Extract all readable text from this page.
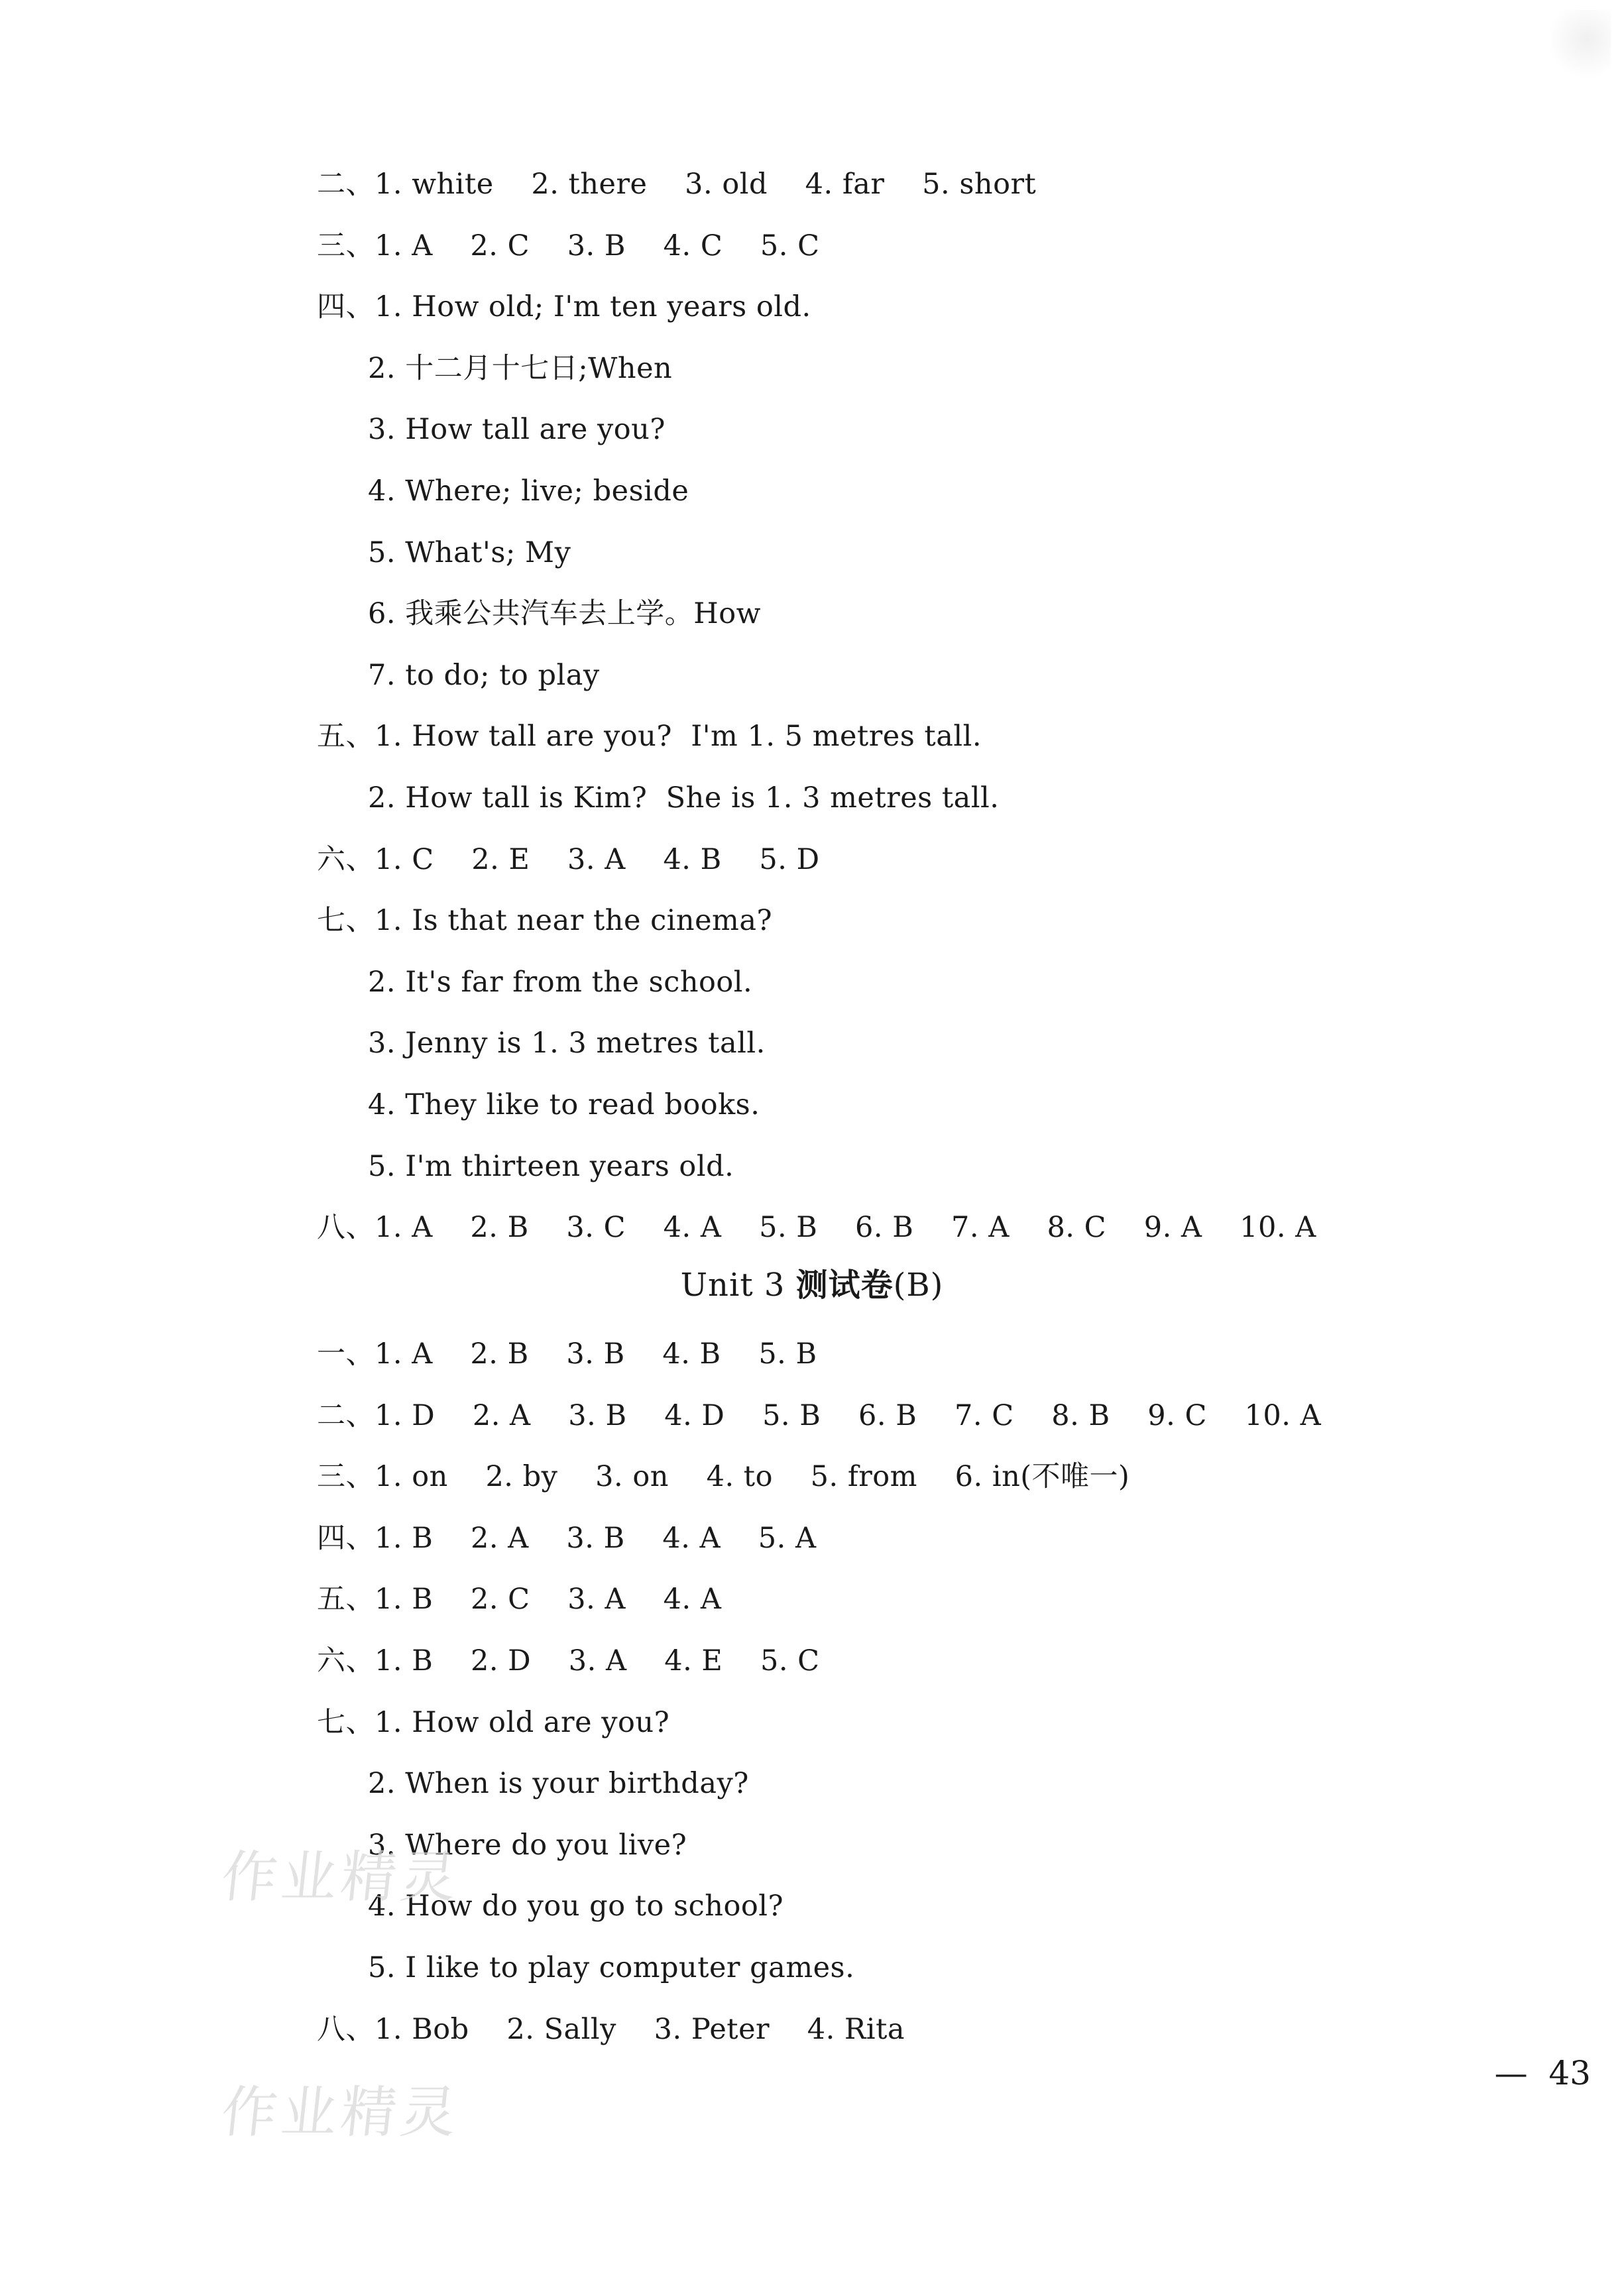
二、1. white    2. there    3. old    4. far    5. short
三、1. A    2. C    3. B    4. C    5. C
四、1. How old; I'm ten years old.
2. 十二月十七日;When
3. How tall are you?
4. Where; live; beside
5. What's; My
6. 我乘公共汽车去上学。How
7. to do; to play
五、1. How tall are you?  I'm 1. 5 metres tall.
2. How tall is Kim?  She is 1. 3 metres tall.
六、1. C    2. E    3. A    4. B    5. D
七、1. Is that near the cinema?
2. It's far from the school.
3. Jenny is 1. 3 metres tall.
4. They like to read books.
5. I'm thirteen years old.
八、1. A    2. B    3. C    4. A    5. B    6. B    7. A    8. C    9. A    10. A
Unit 3 测试卷(B)
一、1. A    2. B    3. B    4. B    5. B
二、1. D    2. A    3. B    4. D    5. B    6. B    7. C    8. B    9. C    10. A
三、1. on    2. by    3. on    4. to    5. from    6. in(不唯一)
四、1. B    2. A    3. B    4. A    5. A
五、1. B    2. C    3. A    4. A
六、1. B    2. D    3. A    4. E    5. C
七、1. How old are you?
2. When is your birthday?
3. Where do you live?
4. How do you go to school?
5. I like to play computer games.
八、1. Bob    2. Sally    3. Peter    4. Rita
作业精灵
作业精灵
—  43
